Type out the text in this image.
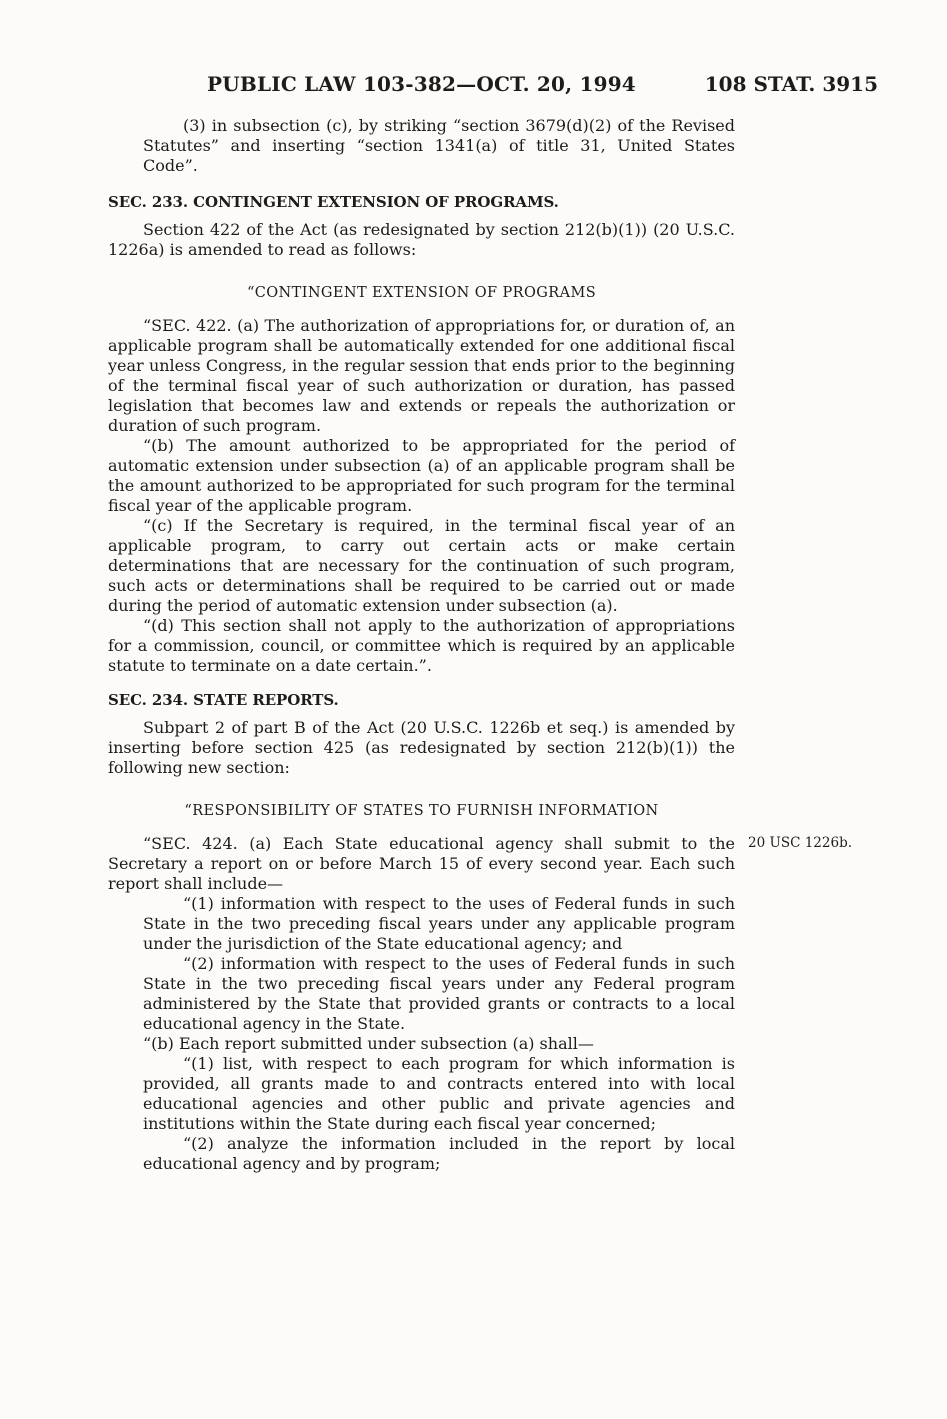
PUBLIC LAW 103-382—OCT. 20, 1994	108 STAT. 3915

(3) in subsection (c), by striking “section 3679(d)(2) of the Revised Statutes” and inserting “section 1341(a) of title 31, United States Code”.

SEC. 233. CONTINGENT EXTENSION OF PROGRAMS.

Section 422 of the Act (as redesignated by section 212(b)(1)) (20 U.S.C. 1226a) is amended to read as follows:

“CONTINGENT EXTENSION OF PROGRAMS

“SEC. 422. (a) The authorization of appropriations for, or duration of, an applicable program shall be automatically extended for one additional fiscal year unless Congress, in the regular session that ends prior to the beginning of the terminal fiscal year of such authorization or duration, has passed legislation that becomes law and extends or repeals the authorization or duration of such program.

“(b) The amount authorized to be appropriated for the period of automatic extension under subsection (a) of an applicable program shall be the amount authorized to be appropriated for such program for the terminal fiscal year of the applicable program.

“(c) If the Secretary is required, in the terminal fiscal year of an applicable program, to carry out certain acts or make certain determinations that are necessary for the continuation of such program, such acts or determinations shall be required to be carried out or made during the period of automatic extension under subsection (a).

“(d) This section shall not apply to the authorization of appropriations for a commission, council, or committee which is required by an applicable statute to terminate on a date certain.”.

SEC. 234. STATE REPORTS.

Subpart 2 of part B of the Act (20 U.S.C. 1226b et seq.) is amended by inserting before section 425 (as redesignated by section 212(b)(1)) the following new section:

“RESPONSIBILITY OF STATES TO FURNISH INFORMATION

“SEC. 424. (a) Each State educational agency shall submit to the Secretary a report on or before March 15 of every second year. Each such report shall include—

20 USC 1226b.

“(1) information with respect to the uses of Federal funds in such State in the two preceding fiscal years under any applicable program under the jurisdiction of the State educational agency; and

“(2) information with respect to the uses of Federal funds in such State in the two preceding fiscal years under any Federal program administered by the State that provided grants or contracts to a local educational agency in the State.

“(b) Each report submitted under subsection (a) shall—

“(1) list, with respect to each program for which information is provided, all grants made to and contracts entered into with local educational agencies and other public and private agencies and institutions within the State during each fiscal year concerned;

“(2) analyze the information included in the report by local educational agency and by program;
